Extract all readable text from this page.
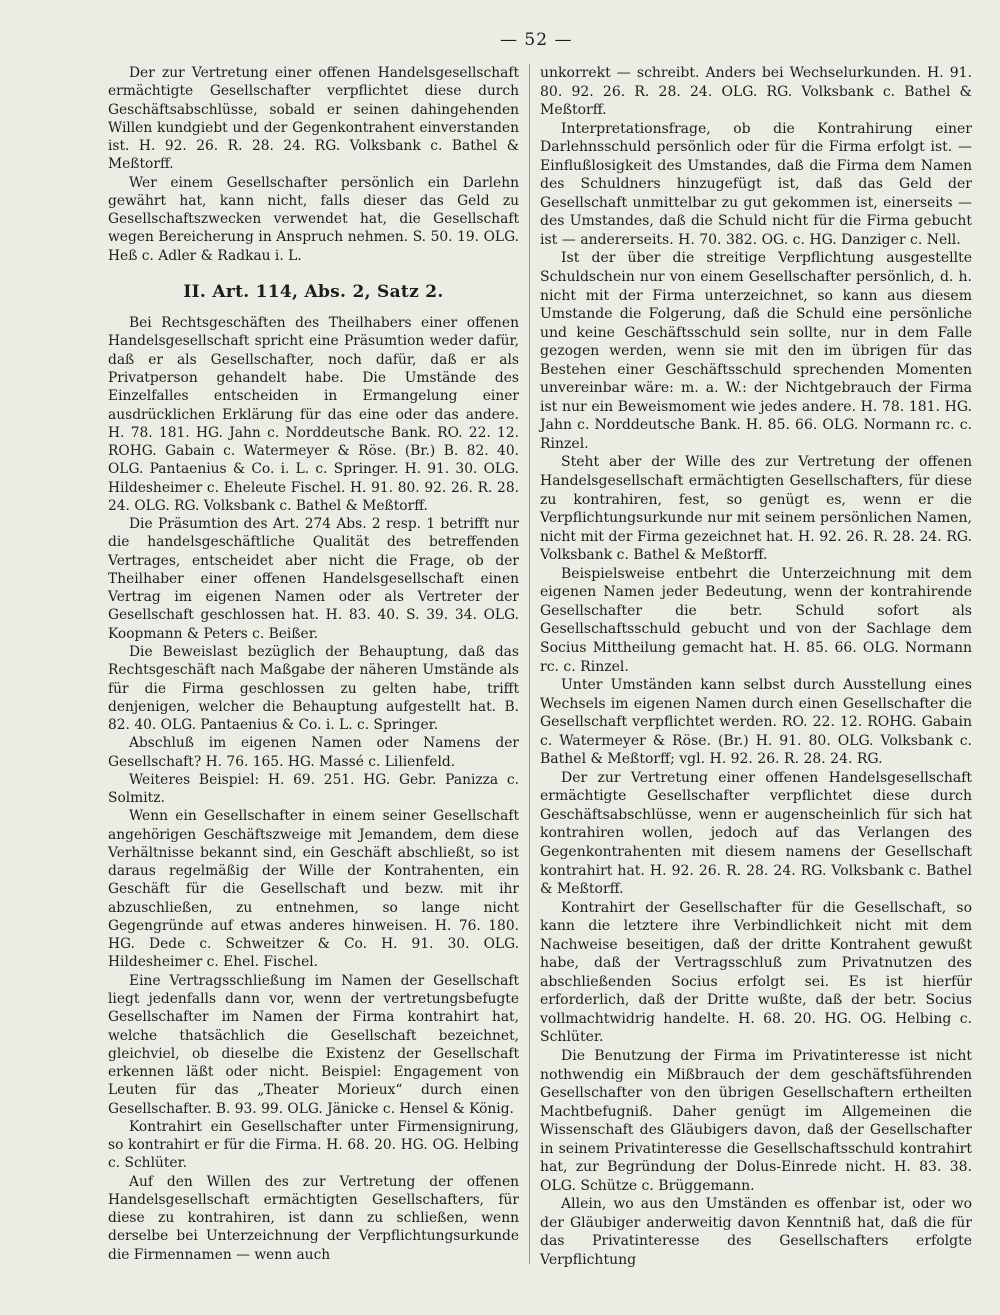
— 52 —

Der zur Vertretung einer offenen Handelsgesellschaft ermächtigte Gesellschafter verpflichtet diese durch Geschäftsabschlüsse, sobald er seinen dahingehenden Willen kundgiebt und der Gegenkontrahent einverstanden ist. H. 92. 26. R. 28. 24. RG. Volksbank c. Bathel & Meßtorff.

Wer einem Gesellschafter persönlich ein Darlehn gewährt hat, kann nicht, falls dieser das Geld zu Gesellschaftszwecken verwendet hat, die Gesellschaft wegen Bereicherung in Anspruch nehmen. S. 50. 19. OLG. Heß c. Adler & Radkau i. L.

II. Art. 114, Abs. 2, Satz 2.

Bei Rechtsgeschäften des Theilhabers einer offenen Handelsgesellschaft spricht eine Präsumtion weder dafür, daß er als Gesellschafter, noch dafür, daß er als Privatperson gehandelt habe. Die Umstände des Einzelfalles entscheiden in Ermangelung einer ausdrücklichen Erklärung für das eine oder das andere. H. 78. 181. HG. Jahn c. Norddeutsche Bank. RO. 22. 12. ROHG. Gabain c. Watermeyer & Röse. (Br.) B. 82. 40. OLG. Pantaenius & Co. i. L. c. Springer. H. 91. 30. OLG. Hildesheimer c. Eheleute Fischel. H. 91. 80. 92. 26. R. 28. 24. OLG. RG. Volksbank c. Bathel & Meßtorff.

Die Präsumtion des Art. 274 Abs. 2 resp. 1 betrifft nur die handelsgeschäftliche Qualität des betreffenden Vertrages, entscheidet aber nicht die Frage, ob der Theilhaber einer offenen Handelsgesellschaft einen Vertrag im eigenen Namen oder als Vertreter der Gesellschaft geschlossen hat. H. 83. 40. S. 39. 34. OLG. Koopmann & Peters c. Beißer.

Die Beweislast bezüglich der Behauptung, daß das Rechtsgeschäft nach Maßgabe der näheren Umstände als für die Firma geschlossen zu gelten habe, trifft denjenigen, welcher die Behauptung aufgestellt hat. B. 82. 40. OLG. Pantaenius & Co. i. L. c. Springer.

Abschluß im eigenen Namen oder Namens der Gesellschaft? H. 76. 165. HG. Massé c. Lilienfeld.

Weiteres Beispiel: H. 69. 251. HG. Gebr. Panizza c. Solmitz.

Wenn ein Gesellschafter in einem seiner Gesellschaft angehörigen Geschäftszweige mit Jemandem, dem diese Verhältnisse bekannt sind, ein Geschäft abschließt, so ist daraus regelmäßig der Wille der Kontrahenten, ein Geschäft für die Gesellschaft und bezw. mit ihr abzuschließen, zu entnehmen, so lange nicht Gegengründe auf etwas anderes hinweisen. H. 76. 180. HG. Dede c. Schweitzer & Co. H. 91. 30. OLG. Hildesheimer c. Ehel. Fischel.

Eine Vertragsschließung im Namen der Gesellschaft liegt jedenfalls dann vor, wenn der vertretungsbefugte Gesellschafter im Namen der Firma kontrahirt hat, welche thatsächlich die Gesellschaft bezeichnet, gleichviel, ob dieselbe die Existenz der Gesellschaft erkennen läßt oder nicht. Beispiel: Engagement von Leuten für das „Theater Morieux“ durch einen Gesellschafter. B. 93. 99. OLG. Jänicke c. Hensel & König.

Kontrahirt ein Gesellschafter unter Firmensignirung, so kontrahirt er für die Firma. H. 68. 20. HG. OG. Helbing c. Schlüter.

Auf den Willen des zur Vertretung der offenen Handelsgesellschaft ermächtigten Gesellschafters, für diese zu kontrahiren, ist dann zu schließen, wenn derselbe bei Unterzeichnung der Verpflichtungsurkunde die Firmennamen — wenn auch

unkorrekt — schreibt. Anders bei Wechselurkunden. H. 91. 80. 92. 26. R. 28. 24. OLG. RG. Volksbank c. Bathel & Meßtorff.

Interpretationsfrage, ob die Kontrahirung einer Darlehnsschuld persönlich oder für die Firma erfolgt ist. — Einflußlosigkeit des Umstandes, daß die Firma dem Namen des Schuldners hinzugefügt ist, daß das Geld der Gesellschaft unmittelbar zu gut gekommen ist, einerseits — des Umstandes, daß die Schuld nicht für die Firma gebucht ist — andererseits. H. 70. 382. OG. c. HG. Danziger c. Nell.

Ist der über die streitige Verpflichtung ausgestellte Schuldschein nur von einem Gesellschafter persönlich, d. h. nicht mit der Firma unterzeichnet, so kann aus diesem Umstande die Folgerung, daß die Schuld eine persönliche und keine Geschäftsschuld sein sollte, nur in dem Falle gezogen werden, wenn sie mit den im übrigen für das Bestehen einer Geschäftsschuld sprechenden Momenten unvereinbar wäre: m. a. W.: der Nichtgebrauch der Firma ist nur ein Beweismoment wie jedes andere. H. 78. 181. HG. Jahn c. Norddeutsche Bank. H. 85. 66. OLG. Normann rc. c. Rinzel.

Steht aber der Wille des zur Vertretung der offenen Handelsgesellschaft ermächtigten Gesellschafters, für diese zu kontrahiren, fest, so genügt es, wenn er die Verpflichtungsurkunde nur mit seinem persönlichen Namen, nicht mit der Firma gezeichnet hat. H. 92. 26. R. 28. 24. RG. Volksbank c. Bathel & Meßtorff.

Beispielsweise entbehrt die Unterzeichnung mit dem eigenen Namen jeder Bedeutung, wenn der kontrahirende Gesellschafter die betr. Schuld sofort als Gesellschaftsschuld gebucht und von der Sachlage dem Socius Mittheilung gemacht hat. H. 85. 66. OLG. Normann rc. c. Rinzel.

Unter Umständen kann selbst durch Ausstellung eines Wechsels im eigenen Namen durch einen Gesellschafter die Gesellschaft verpflichtet werden. RO. 22. 12. ROHG. Gabain c. Watermeyer & Röse. (Br.) H. 91. 80. OLG. Volksbank c. Bathel & Meßtorff; vgl. H. 92. 26. R. 28. 24. RG.

Der zur Vertretung einer offenen Handelsgesellschaft ermächtigte Gesellschafter verpflichtet diese durch Geschäftsabschlüsse, wenn er augenscheinlich für sich hat kontrahiren wollen, jedoch auf das Verlangen des Gegenkontrahenten mit diesem namens der Gesellschaft kontrahirt hat. H. 92. 26. R. 28. 24. RG. Volksbank c. Bathel & Meßtorff.

Kontrahirt der Gesellschafter für die Gesellschaft, so kann die letztere ihre Verbindlichkeit nicht mit dem Nachweise beseitigen, daß der dritte Kontrahent gewußt habe, daß der Vertragsschluß zum Privatnutzen des abschließenden Socius erfolgt sei. Es ist hierfür erforderlich, daß der Dritte wußte, daß der betr. Socius vollmachtwidrig handelte. H. 68. 20. HG. OG. Helbing c. Schlüter.

Die Benutzung der Firma im Privatinteresse ist nicht nothwendig ein Mißbrauch der dem geschäftsführenden Gesellschafter von den übrigen Gesellschaftern ertheilten Machtbefugniß. Daher genügt im Allgemeinen die Wissenschaft des Gläubigers davon, daß der Gesellschafter in seinem Privatinteresse die Gesellschaftsschuld kontrahirt hat, zur Begründung der Dolus-Einrede nicht. H. 83. 38. OLG. Schütze c. Brüggemann.

Allein, wo aus den Umständen es offenbar ist, oder wo der Gläubiger anderweitig davon Kenntniß hat, daß die für das Privatinteresse des Gesellschafters erfolgte Verpflichtung
